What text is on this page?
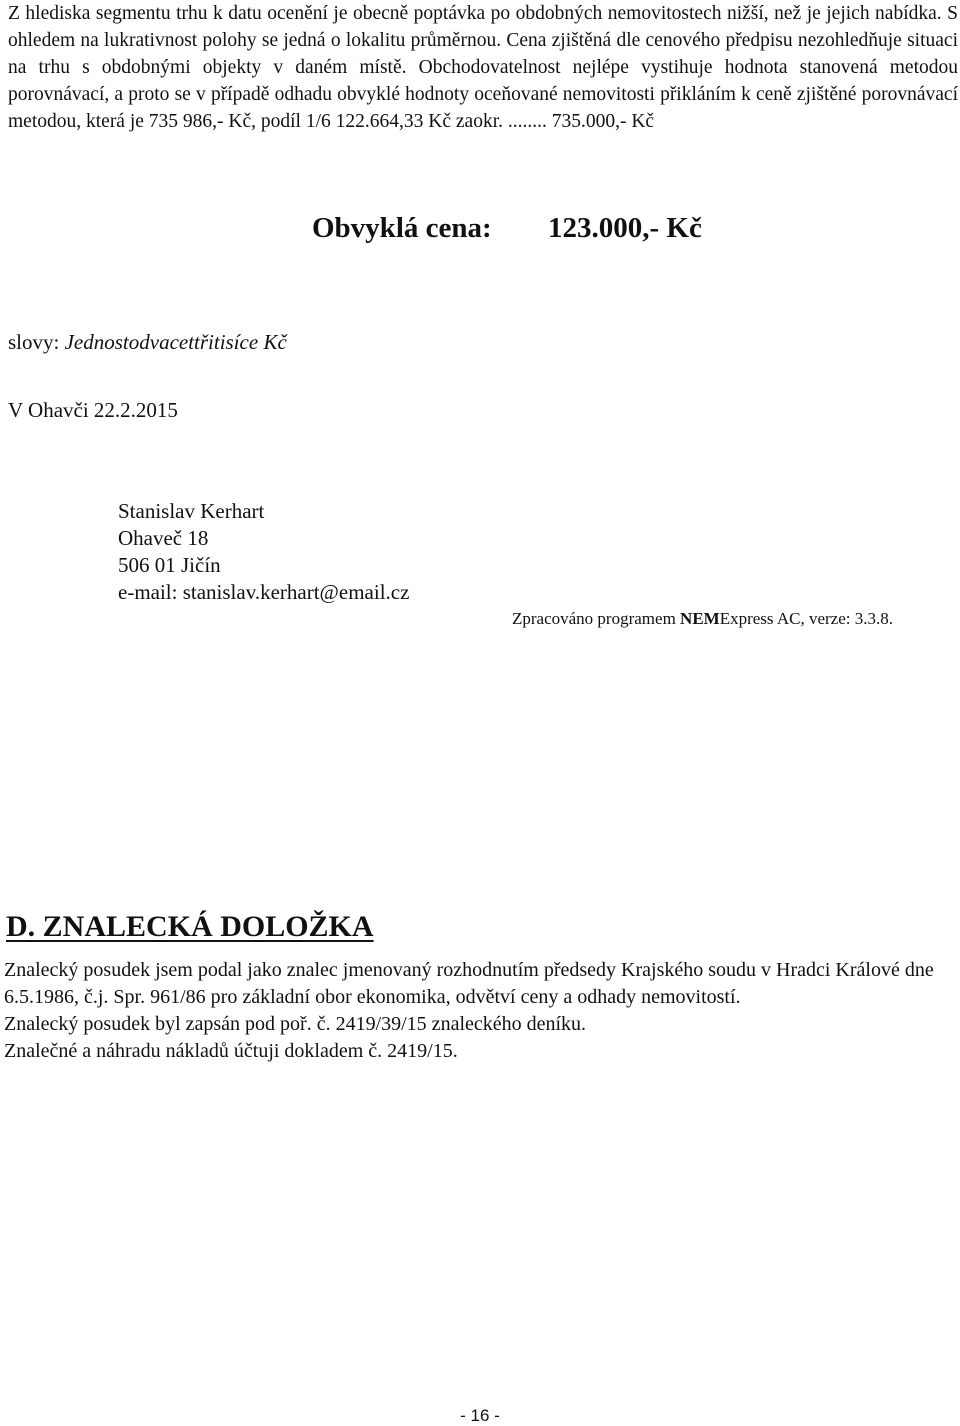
Z hlediska segmentu trhu k datu ocenění je obecně poptávka po obdobných nemovitostech nižší, než je jejich nabídka. S ohledem na lukrativnost polohy se jedná o lokalitu průměrnou. Cena zjištěná dle cenového předpisu nezohledňuje situaci na trhu s obdobnými objekty v daném místě. Obchodovatelnost nejlépe vystihuje hodnota stanovená metodou porovnávací, a proto se v případě odhadu obvyklé hodnoty oceňované nemovitosti přikláním k ceně zjištěné porovnávací metodou, která je 735 986,- Kč, podíl 1/6 122.664,33 Kč zaokr. ........ 735.000,- Kč

Obvyklá cena: 123.000,- Kč
slovy: Jednostodvacettřitisíce Kč
V Ohavči 22.2.2015
Stanislav Kerhart
Ohaveč 18
506 01 Jičín
e-mail: stanislav.kerhart@email.cz
Zpracováno programem NEMExpress AC, verze: 3.3.8.
D. ZNALECKÁ DOLOŽKA

Znalecký posudek jsem podal jako znalec jmenovaný rozhodnutím předsedy Krajského soudu v Hradci Králové dne 6.5.1986, č.j. Spr. 961/86 pro základní obor ekonomika, odvětví ceny a odhady nemovitostí.

Znalecký posudek byl zapsán pod poř. č. 2419/39/15 znaleckého deníku.

Znalečné a náhradu nákladů účtuji dokladem č. 2419/15.

- 16 -
